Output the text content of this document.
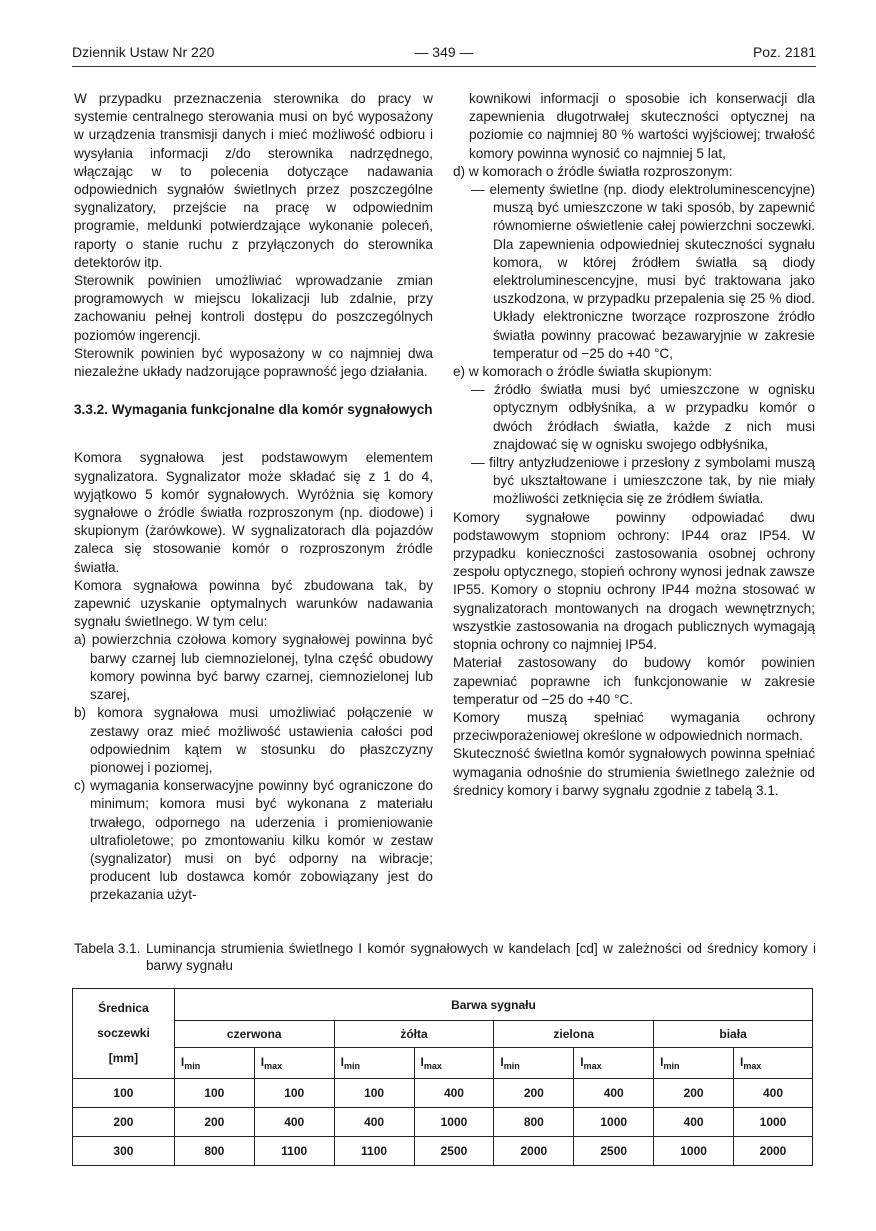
Dziennik Ustaw Nr 220	— 349 —	Poz. 2181

W przypadku przeznaczenia sterownika do pracy w systemie centralnego sterowania musi on być wyposażony w urządzenia transmisji danych i mieć możliwość odbioru i wysyłania informacji z/do sterownika nadrzędnego, włączając w to polecenia dotyczące nadawania odpowiednich sygnałów świetlnych przez poszczególne sygnalizatory, przejście na pracę w odpowiednim programie, meldunki potwierdzające wykonanie poleceń, raporty o stanie ruchu z przyłączonych do sterownika detektorów itp.

Sterownik powinien umożliwiać wprowadzanie zmian programowych w miejscu lokalizacji lub zdalnie, przy zachowaniu pełnej kontroli dostępu do poszczególnych poziomów ingerencji.

Sterownik powinien być wyposażony w co najmniej dwa niezależne układy nadzorujące poprawność jego działania.

3.3.2. Wymagania funkcjonalne dla komór sygnałowych

Komora sygnałowa jest podstawowym elementem sygnalizatora. Sygnalizator może składać się z 1 do 4, wyjątkowo 5 komór sygnałowych. Wyróżnia się komory sygnałowe o źródle światła rozproszonym (np. diodowe) i skupionym (żarówkowe). W sygnalizatorach dla pojazdów zaleca się stosowanie komór o rozproszonym źródle światła.

Komora sygnałowa powinna być zbudowana tak, by zapewnić uzyskanie optymalnych warunków nadawania sygnału świetlnego. W tym celu:

a) powierzchnia czołowa komory sygnałowej powinna być barwy czarnej lub ciemnozielonej, tylna część obudowy komory powinna być barwy czarnej, ciemnozielonej lub szarej,

b) komora sygnałowa musi umożliwiać połączenie w zestawy oraz mieć możliwość ustawienia całości pod odpowiednim kątem w stosunku do płaszczyzny pionowej i poziomej,

c) wymagania konserwacyjne powinny być ograniczone do minimum; komora musi być wykonana z materiału trwałego, odpornego na uderzenia i promieniowanie ultrafioletowe; po zmontowaniu kilku komór w zestaw (sygnalizator) musi on być odporny na wibracje; producent lub dostawca komór zobowiązany jest do przekazania użyt-

kownikowi informacji o sposobie ich konserwacji dla zapewnienia długotrwałej skuteczności optycznej na poziomie co najmniej 80 % wartości wyjściowej; trwałość komory powinna wynosić co najmniej 5 lat,

d) w komorach o źródle światła rozproszonym:

— elementy świetlne (np. diody elektroluminescencyjne) muszą być umieszczone w taki sposób, by zapewnić równomierne oświetlenie całej powierzchni soczewki. Dla zapewnienia odpowiedniej skuteczności sygnału komora, w której źródłem światła są diody elektroluminescencyjne, musi być traktowana jako uszkodzona, w przypadku przepalenia się 25 % diod. Układy elektroniczne tworzące rozproszone źródło światła powinny pracować bezawaryjnie w zakresie temperatur od −25 do +40 °C,

e) w komorach o źródle światła skupionym:

— źródło światła musi być umieszczone w ognisku optycznym odbłyśnika, a w przypadku komór o dwóch źródłach światła, każde z nich musi znajdować się w ognisku swojego odbłyśnika,

— filtry antyzłudzeniowe i przesłony z symbolami muszą być ukształtowane i umieszczone tak, by nie miały możliwości zetknięcia się ze źródłem światła.

Komory sygnałowe powinny odpowiadać dwu podstawowym stopniom ochrony: IP44 oraz IP54. W przypadku konieczności zastosowania osobnej ochrony zespołu optycznego, stopień ochrony wynosi jednak zawsze IP55. Komory o stopniu ochrony IP44 można stosować w sygnalizatorach montowanych na drogach wewnętrznych; wszystkie zastosowania na drogach publicznych wymagają stopnia ochrony co najmniej IP54.

Materiał zastosowany do budowy komór powinien zapewniać poprawne ich funkcjonowanie w zakresie temperatur od −25 do +40 °C.

Komory muszą spełniać wymagania ochrony przeciwporażeniowej określone w odpowiednich normach.

Skuteczność świetlna komór sygnałowych powinna spełniać wymagania odnośnie do strumienia świetlnego zależnie od średnicy komory i barwy sygnału zgodnie z tabelą 3.1.

Tabela 3.1. Luminancja strumienia świetlnego I komór sygnałowych w kandelach [cd] w zależności od średnicy komory i barwy sygnału
Średnica
soczewki
[mm]	Barwa sygnału							
	czerwona		żółta		zielona		biała	
	$I_{min}$	$I_{max}$	$I_{min}$	$I_{max}$	$I_{min}$	$I_{max}$	$I_{min}$	$I_{max}$
100	100	100	100	400	200	400	200	400
200	200	400	400	1000	800	1000	400	1000
300	800	1100	1100	2500	2000	2500	1000	2000
